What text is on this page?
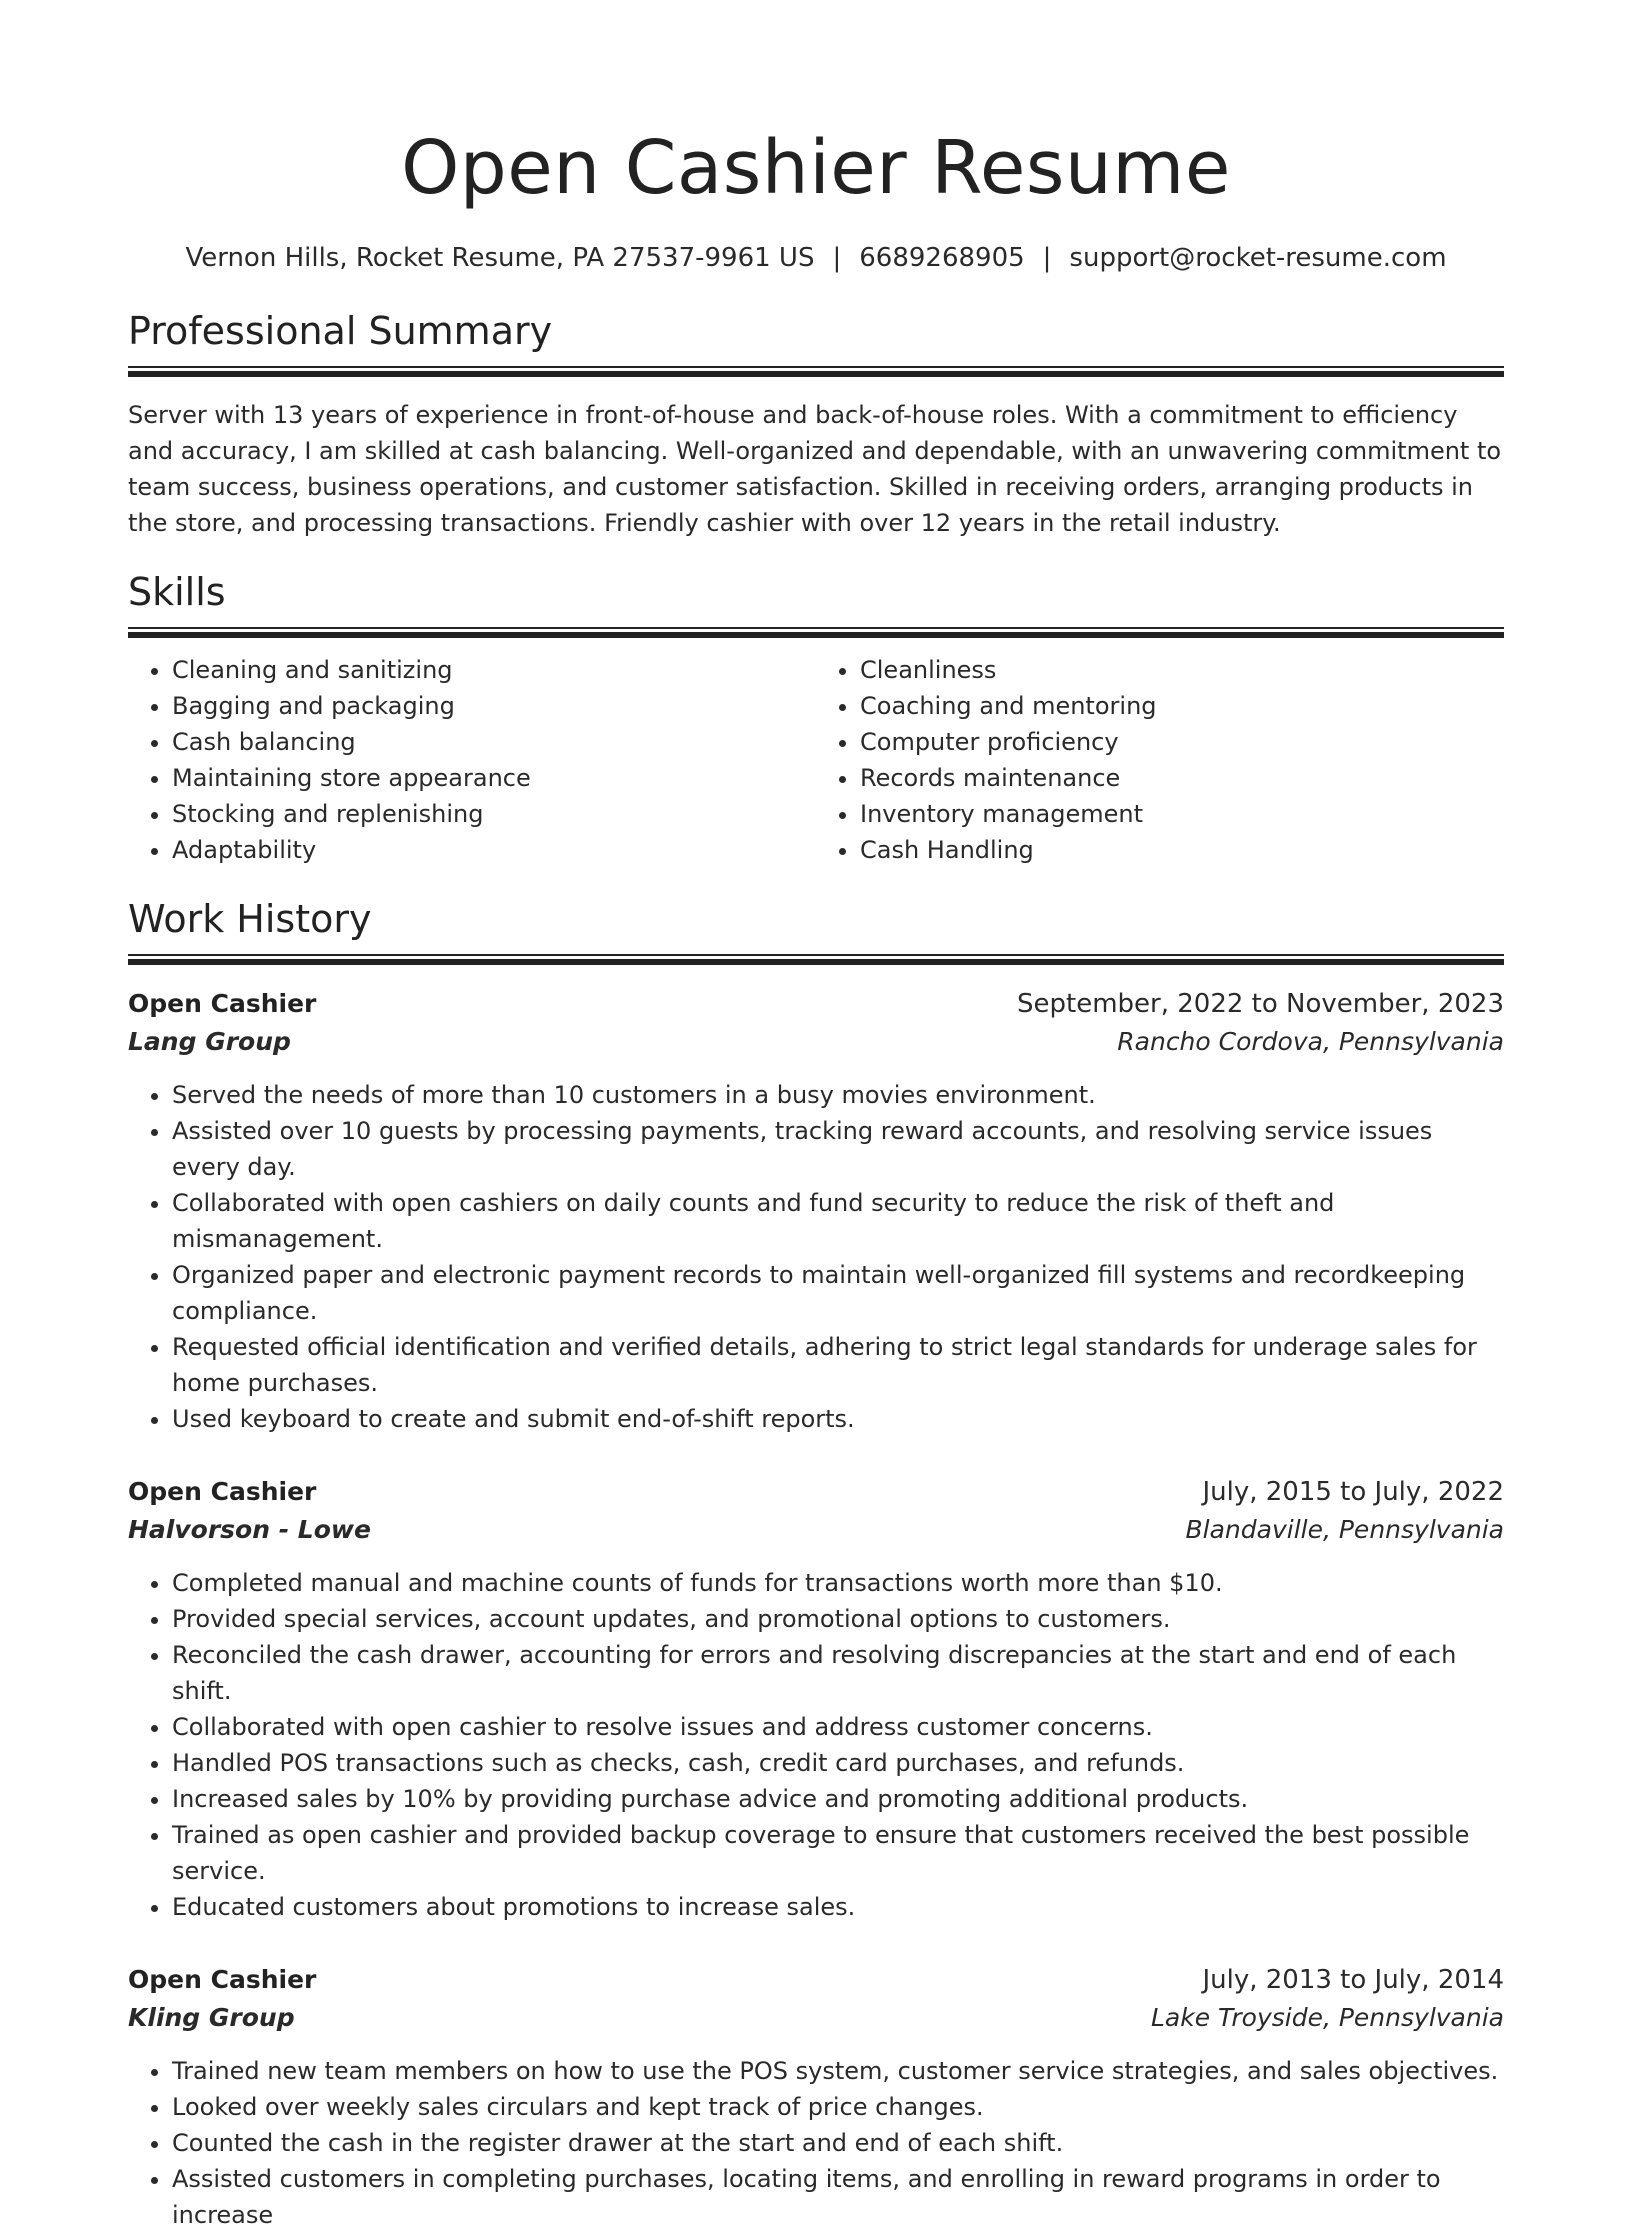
Open Cashier Resume
Vernon Hills, Rocket Resume, PA 27537-9961 US | 6689268905 | support@rocket-resume.com
Professional Summary

Server with 13 years of experience in front-of-house and back-of-house roles. With a commitment to efficiency and accuracy, I am skilled at cash balancing. Well-organized and dependable, with an unwavering commitment to team success, business operations, and customer satisfaction. Skilled in receiving orders, arranging products in the store, and processing transactions. Friendly cashier with over 12 years in the retail industry.

Skills
• Cleaning and sanitizing
• Bagging and packaging
• Cash balancing
• Maintaining store appearance
• Stocking and replenishing
• Adaptability
• Cleanliness
• Coaching and mentoring
• Computer proficiency
• Records maintenance
• Inventory management
• Cash Handling
Work History
Open Cashier	September, 2022 to November, 2023
Lang Group	Rancho Cordova, Pennsylvania
• Served the needs of more than 10 customers in a busy movies environment.
• Assisted over 10 guests by processing payments, tracking reward accounts, and resolving service issues every day.
• Collaborated with open cashiers on daily counts and fund security to reduce the risk of theft and mismanagement.
• Organized paper and electronic payment records to maintain well-organized fill systems and recordkeeping compliance.
• Requested official identification and verified details, adhering to strict legal standards for underage sales for home purchases.
• Used keyboard to create and submit end-of-shift reports.
Open Cashier	July, 2015 to July, 2022
Halvorson - Lowe	Blandaville, Pennsylvania
• Completed manual and machine counts of funds for transactions worth more than $10.
• Provided special services, account updates, and promotional options to customers.
• Reconciled the cash drawer, accounting for errors and resolving discrepancies at the start and end of each shift.
• Collaborated with open cashier to resolve issues and address customer concerns.
• Handled POS transactions such as checks, cash, credit card purchases, and refunds.
• Increased sales by 10% by providing purchase advice and promoting additional products.
• Trained as open cashier and provided backup coverage to ensure that customers received the best possible service.
• Educated customers about promotions to increase sales.
Open Cashier	July, 2013 to July, 2014
Kling Group	Lake Troyside, Pennsylvania
• Trained new team members on how to use the POS system, customer service strategies, and sales objectives.
• Looked over weekly sales circulars and kept track of price changes.
• Counted the cash in the register drawer at the start and end of each shift.
• Assisted customers in completing purchases, locating items, and enrolling in reward programs in order to increase
